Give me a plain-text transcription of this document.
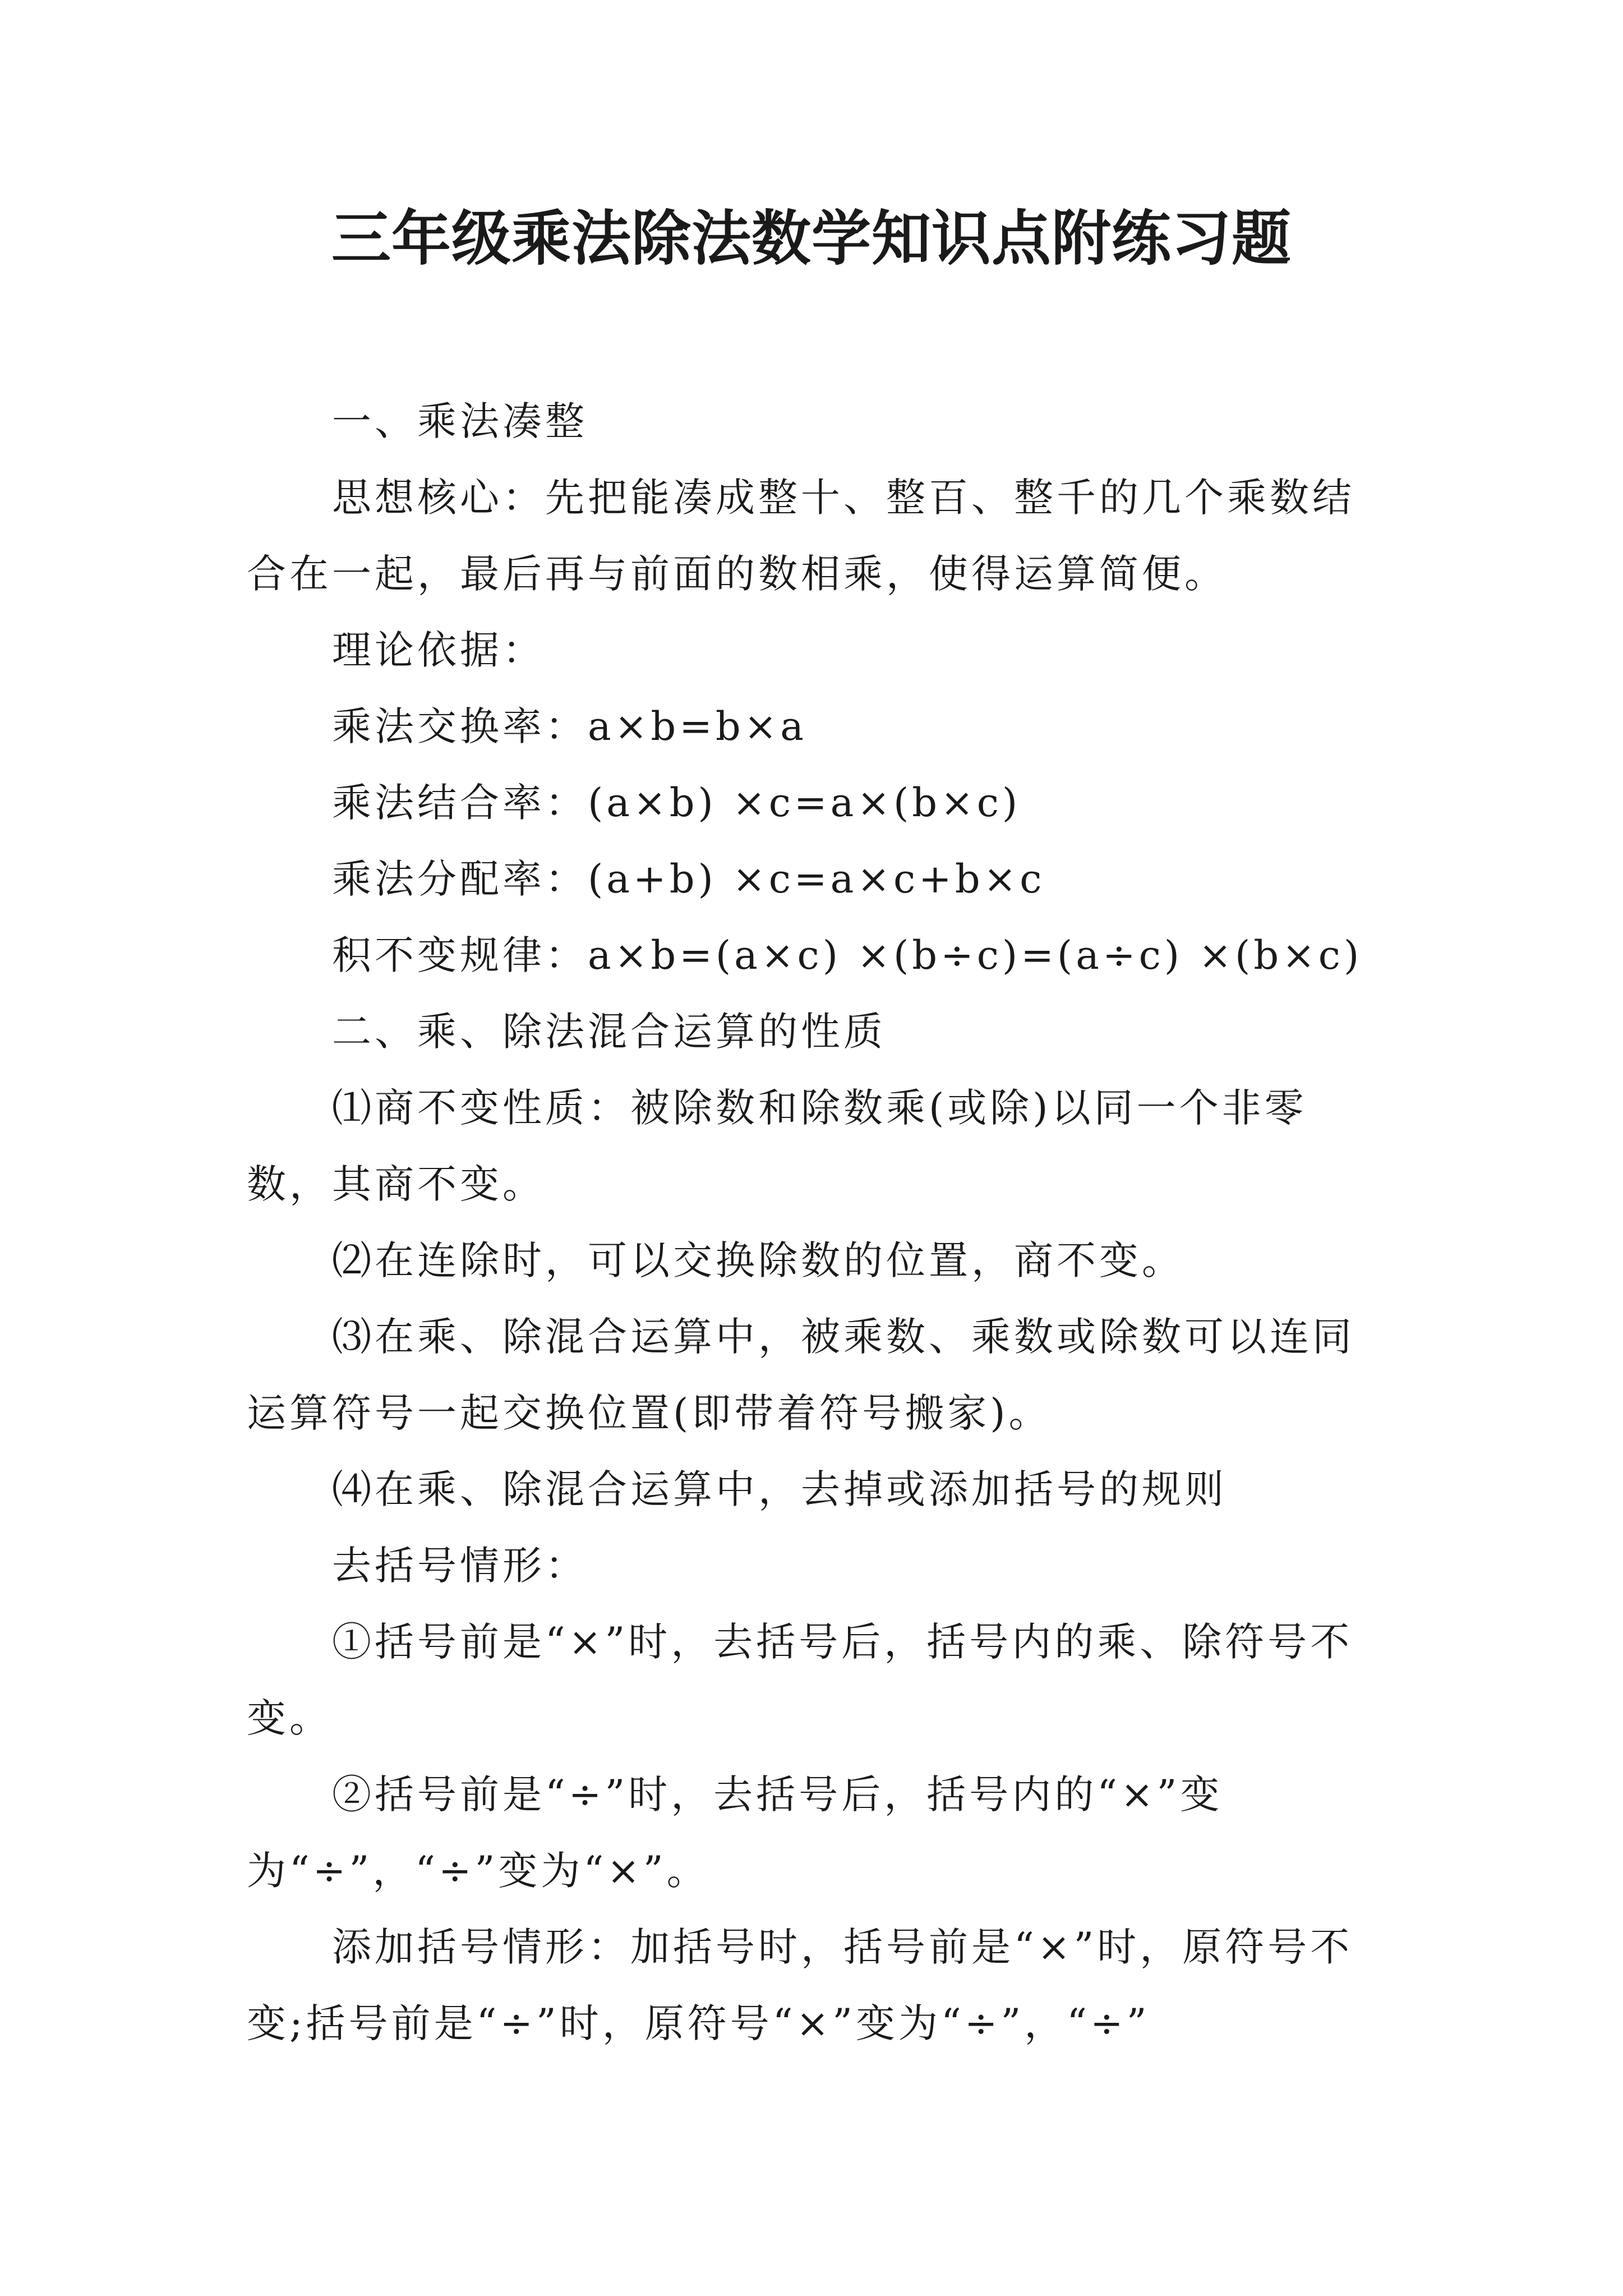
三年级乘法除法数学知识点附练习题

一、乘法凑整

思想核心：先把能凑成整十、整百、整千的几个乘数结合在一起，最后再与前面的数相乘，使得运算简便。

理论依据：

乘法交换率：a×b=b×a

乘法结合率：(a×b) ×c=a×(b×c)

乘法分配率：(a+b) ×c=a×c+b×c

积不变规律：a×b=(a×c) ×(b÷c)=(a÷c) ×(b×c)

二、乘、除法混合运算的性质

⑴商不变性质：被除数和除数乘(或除)以同一个非零数，其商不变。

⑵在连除时，可以交换除数的位置，商不变。

⑶在乘、除混合运算中，被乘数、乘数或除数可以连同运算符号一起交换位置(即带着符号搬家)。

⑷在乘、除混合运算中，去掉或添加括号的规则

去括号情形：

①括号前是“×”时，去括号后，括号内的乘、除符号不变。

②括号前是“÷”时，去括号后，括号内的“×”变为“÷”，“÷”变为“×”。

添加括号情形：加括号时，括号前是“×”时，原符号不变;括号前是“÷”时，原符号“×”变为“÷”，“÷”
